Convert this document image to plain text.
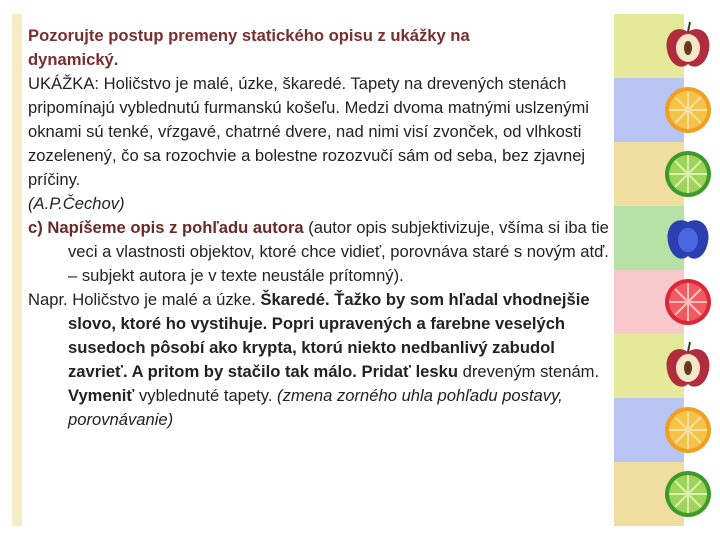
Pozorujte postup premeny statického opisu z ukážky na
dynamický.

UKÁŽKA: Holičstvo je malé, úzke, škaredé. Tapety na drevených stenách pripomínajú vyblednutú furmanskú košeľu. Medzi dvoma matnými uslzenými oknami sú tenké, vŕzgavé, chatrné dvere, nad nimi visí zvonček, od vlhkosti zozelenený, čo sa rozochvie a bolestne rozozvučí sám od seba, bez zjavnej príčiny.

(A.P.Čechov)

c) Napíšeme opis z pohľadu autora (autor opis subjektivizuje, všíma si iba tie veci a vlastnosti objektov, ktoré chce vidieť, porovnáva staré s novým atď. – subjekt autora je v texte neustále prítomný).

Napr. Holičstvo je malé a úzke. Škaredé. Ťažko by som hľadal vhodnejšie slovo, ktoré ho vystihuje. Popri upravených a farebne veselých susedoch pôsobí ako krypta, ktorú niekto nedbanlivý zabudol zavrieť. A pritom by stačilo tak málo. Pridať lesku dreveným stenám. Vymeniť vyblednuté tapety. (zmena zorného uhla pohľadu postavy, porovnávanie)
